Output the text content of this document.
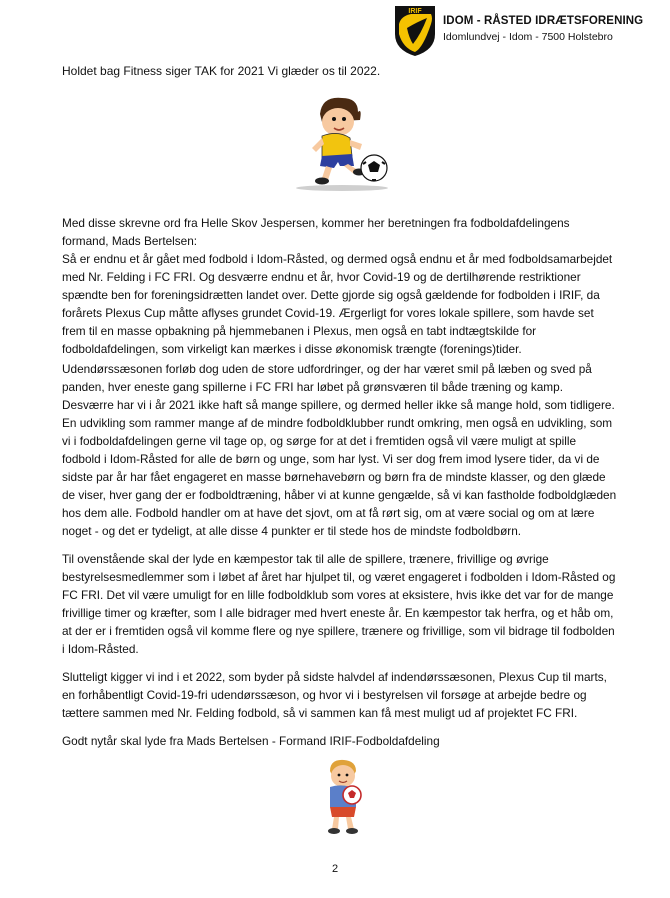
IRIF
IDOM - RÅSTED IDRÆTSFORENING
Idomlundvej - Idom - 7500 Holstebro
Holdet bag Fitness siger TAK for 2021 Vi glæder os til 2022.

Med disse skrevne ord fra Helle Skov Jespersen, kommer her beretningen fra fodboldafdelingens formand, Mads Bertelsen:

Så er endnu et år gået med fodbold i Idom-Råsted, og dermed også endnu et år med fodboldsamarbejdet med Nr. Felding i FC FRI. Og desværre endnu et år, hvor Covid-19 og de dertilhørende restriktioner spændte ben for foreningsidrætten landet over. Dette gjorde sig også gældende for fodbolden i IRIF, da forårets Plexus Cup måtte aflyses grundet Covid-19. Ærgerligt for vores lokale spillere, som havde set frem til en masse opbakning på hjemmebanen i Plexus, men også en tabt indtægtskilde for fodboldafdelingen, som virkeligt kan mærkes i disse økonomisk trængte (forenings)tider.

Udendørssæsonen forløb dog uden de store udfordringer, og der har været smil på læben og sved på panden, hver eneste gang spillerne i FC FRI har løbet på grønsværen til både træning og kamp. Desværre har vi i år 2021 ikke haft så mange spillere, og dermed heller ikke så mange hold, som tidligere. En udvikling som rammer mange af de mindre fodboldklubber rundt omkring, men også en udvikling, som vi i fodboldafdelingen gerne vil tage op, og sørge for at det i fremtiden også vil være muligt at spille fodbold i Idom-Råsted for alle de børn og unge, som har lyst. Vi ser dog frem imod lysere tider, da vi de sidste par år har fået engageret en masse børnehavebørn og børn fra de mindste klasser, og den glæde de viser, hver gang der er fodboldtræning, håber vi at kunne gengælde, så vi kan fastholde fodboldglæden hos dem alle. Fodbold handler om at have det sjovt, om at få rørt sig, om at være social og om at lære noget - og det er tydeligt, at alle disse 4 punkter er til stede hos de mindste fodboldbørn.
Til ovenstående skal der lyde en kæmpestor tak til alle de spillere, trænere, frivillige og øvrige bestyrelsesmedlemmer som i løbet af året har hjulpet til, og været engageret i fodbolden i Idom-Råsted og FC FRI. Det vil være umuligt for en lille fodboldklub som vores at eksistere, hvis ikke det var for de mange frivillige timer og kræfter, som I alle bidrager med hvert eneste år. En kæmpestor tak herfra, og et håb om, at der er i fremtiden også vil komme flere og nye spillere, trænere og frivillige, som vil bidrage til fodbolden i Idom-Råsted.
Slutteligt kigger vi ind i et 2022, som byder på sidste halvdel af indendørssæsonen, Plexus Cup til marts, en forhåbentligt Covid-19-fri udendørssæson, og hvor vi i bestyrelsen vil forsøge at arbejde bedre og tættere sammen med Nr. Felding fodbold, så vi sammen kan få mest muligt ud af projektet FC FRI.
Godt nytår skal lyde fra Mads Bertelsen - Formand IRIF-Fodboldafdeling
2
